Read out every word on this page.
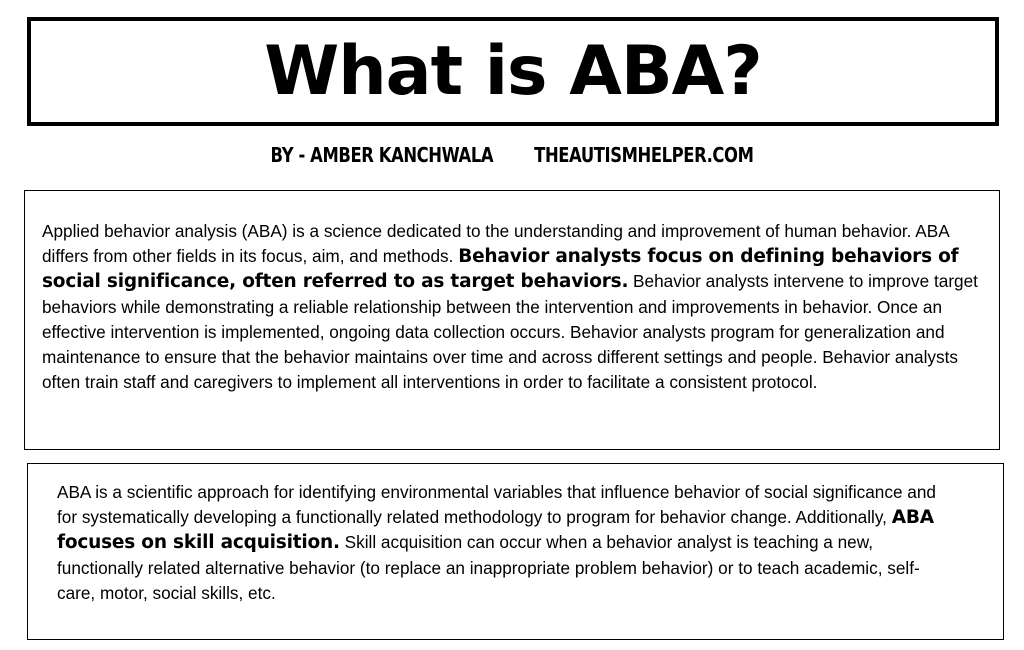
What is ABA?
BY - AMBER KANCHWALA THEAUTISMHELPER.COM

Applied behavior analysis (ABA) is a science dedicated to the understanding and improvement of human behavior. ABA differs from other fields in its focus, aim, and methods. Behavior analysts focus on defining behaviors of social significance, often referred to as target behaviors. Behavior analysts intervene to improve target behaviors while demonstrating a reliable relationship between the intervention and improvements in behavior. Once an effective intervention is implemented, ongoing data collection occurs. Behavior analysts program for generalization and maintenance to ensure that the behavior maintains over time and across different settings and people. Behavior analysts often train staff and caregivers to implement all interventions in order to facilitate a consistent protocol.

ABA is a scientific approach for identifying environmental variables that influence behavior of social significance and for systematically developing a functionally related methodology to program for behavior change. Additionally, ABA focuses on skill acquisition. Skill acquisition can occur when a behavior analyst is teaching a new, functionally related alternative behavior (to replace an inappropriate problem behavior) or to teach academic, self-care, motor, social skills, etc.
